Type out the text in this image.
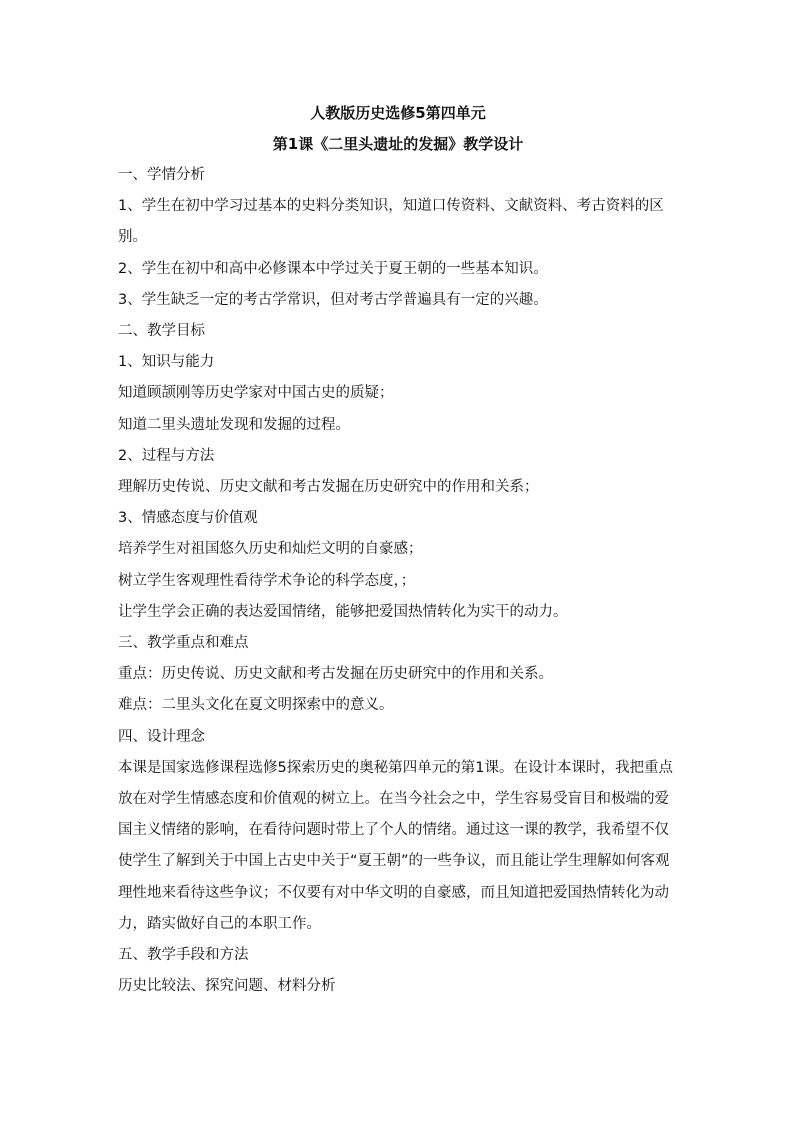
人教版历史选修5第四单元

第1课《二里头遗址的发掘》教学设计

一、学情分析

1、学生在初中学习过基本的史料分类知识，知道口传资料、文献资料、考古资料的区别。

2、学生在初中和高中必修课本中学过关于夏王朝的一些基本知识。

3、学生缺乏一定的考古学常识，但对考古学普遍具有一定的兴趣。

二、教学目标

1、知识与能力

知道顾颉刚等历史学家对中国古史的质疑；

知道二里头遗址发现和发掘的过程。

2、过程与方法

理解历史传说、历史文献和考古发掘在历史研究中的作用和关系；

3、情感态度与价值观

培养学生对祖国悠久历史和灿烂文明的自豪感；

树立学生客观理性看待学术争论的科学态度，；

让学生学会正确的表达爱国情绪，能够把爱国热情转化为实干的动力。

三、教学重点和难点

重点：历史传说、历史文献和考古发掘在历史研究中的作用和关系。

难点：二里头文化在夏文明探索中的意义。

四、设计理念

本课是国家选修课程选修5探索历史的奥秘第四单元的第1课。在设计本课时，我把重点放在对学生情感态度和价值观的树立上。在当今社会之中，学生容易受盲目和极端的爱国主义情绪的影响，在看待问题时带上了个人的情绪。通过这一课的教学，我希望不仅使学生了解到关于中国上古史中关于“夏王朝”的一些争议，而且能让学生理解如何客观理性地来看待这些争议；不仅要有对中华文明的自豪感，而且知道把爱国热情转化为动力，踏实做好自己的本职工作。

五、教学手段和方法

历史比较法、探究问题、材料分析
